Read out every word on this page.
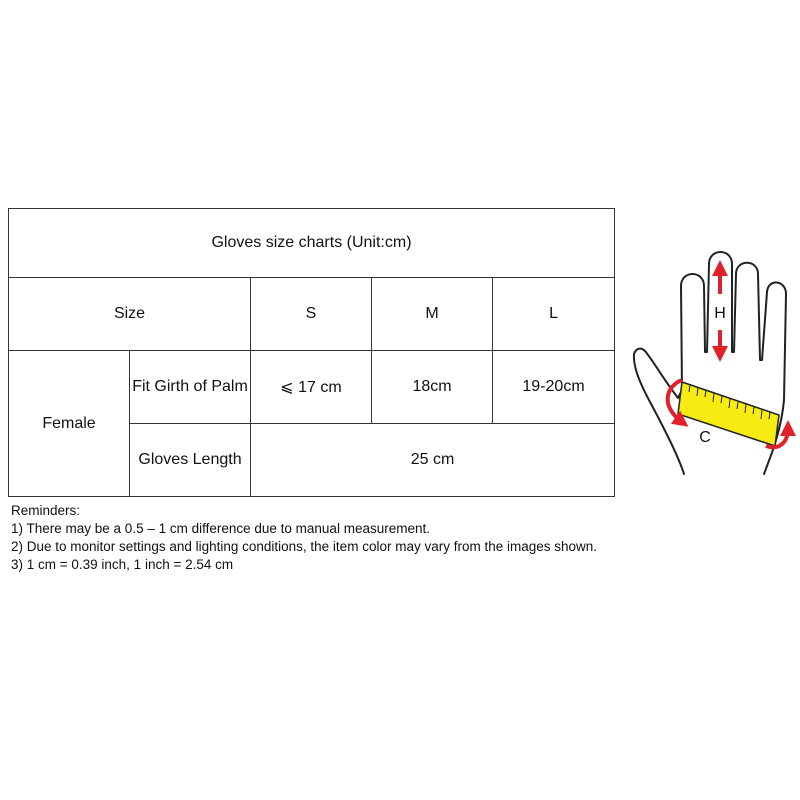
Gloves size charts (Unit:cm)				
Size		S	M	L
Female	Fit Girth of Palm	⩽ 17 cm	18cm	19-20cm
	Gloves Length	25 cm		
Reminders:
1) There may be a 0.5 – 1 cm difference due to manual measurement.
2) Due to monitor settings and lighting conditions, the item color may vary from the images shown.
3) 1 cm = 0.39 inch, 1 inch = 2.54 cm
H
C
